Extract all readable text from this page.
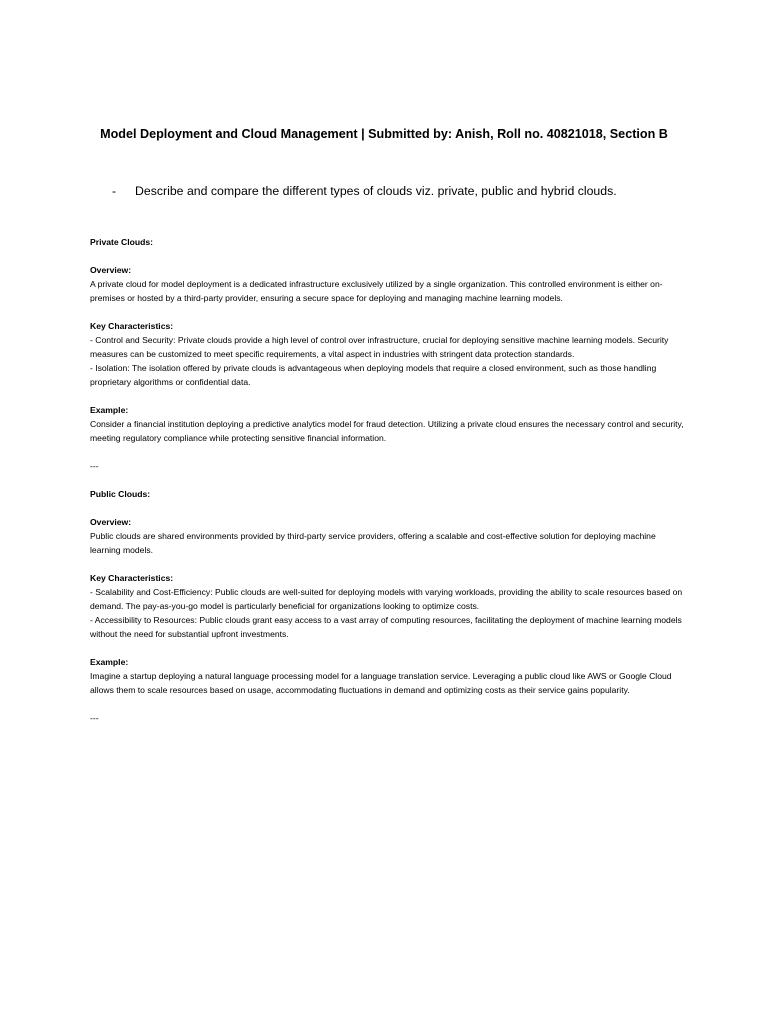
Model Deployment and Cloud Management | Submitted by: Anish, Roll no. 40821018, Section B
- Describe and compare the different types of clouds viz. private, public and hybrid clouds.

Private Clouds:

Overview:

A private cloud for model deployment is a dedicated infrastructure exclusively utilized by a single organization. This controlled environment is either on-premises or hosted by a third-party provider, ensuring a secure space for deploying and managing machine learning models.

Key Characteristics:

- Control and Security: Private clouds provide a high level of control over infrastructure, crucial for deploying sensitive machine learning models. Security measures can be customized to meet specific requirements, a vital aspect in industries with stringent data protection standards.

- Isolation: The isolation offered by private clouds is advantageous when deploying models that require a closed environment, such as those handling proprietary algorithms or confidential data.

Example:

Consider a financial institution deploying a predictive analytics model for fraud detection. Utilizing a private cloud ensures the necessary control and security, meeting regulatory compliance while protecting sensitive financial information.

---

Public Clouds:

Overview:

Public clouds are shared environments provided by third-party service providers, offering a scalable and cost-effective solution for deploying machine learning models.

Key Characteristics:

- Scalability and Cost-Efficiency: Public clouds are well-suited for deploying models with varying workloads, providing the ability to scale resources based on demand. The pay-as-you-go model is particularly beneficial for organizations looking to optimize costs.

- Accessibility to Resources: Public clouds grant easy access to a vast array of computing resources, facilitating the deployment of machine learning models without the need for substantial upfront investments.

Example:

Imagine a startup deploying a natural language processing model for a language translation service. Leveraging a public cloud like AWS or Google Cloud allows them to scale resources based on usage, accommodating fluctuations in demand and optimizing costs as their service gains popularity.

---
